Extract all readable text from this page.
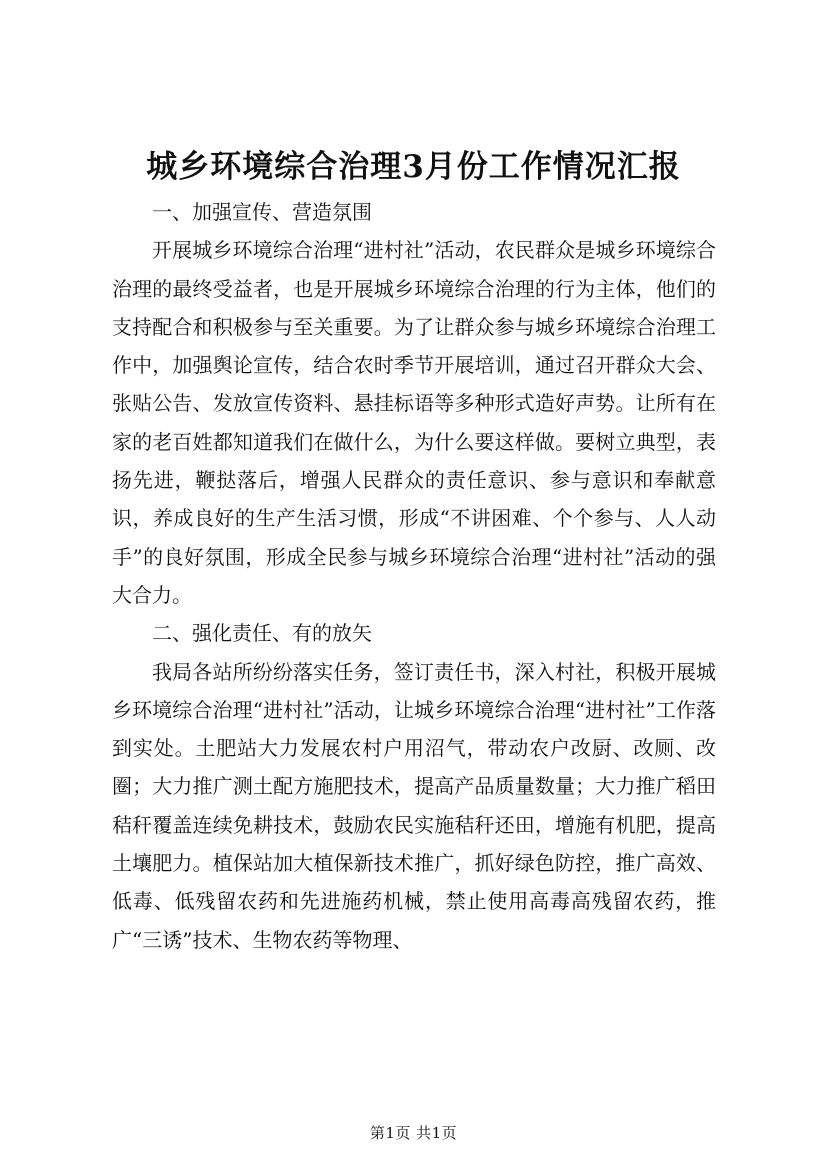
城乡环境综合治理3月份工作情况汇报

一、加强宣传、营造氛围

开展城乡环境综合治理“进村社”活动，农民群众是城乡环境综合治理的最终受益者，也是开展城乡环境综合治理的行为主体，他们的支持配合和积极参与至关重要。为了让群众参与城乡环境综合治理工作中，加强舆论宣传，结合农时季节开展培训，通过召开群众大会、张贴公告、发放宣传资料、悬挂标语等多种形式造好声势。让所有在家的老百姓都知道我们在做什么，为什么要这样做。要树立典型，表扬先进，鞭挞落后，增强人民群众的责任意识、参与意识和奉献意识，养成良好的生产生活习惯，形成“不讲困难、个个参与、人人动手”的良好氛围，形成全民参与城乡环境综合治理“进村社”活动的强大合力。

二、强化责任、有的放矢

我局各站所纷纷落实任务，签订责任书，深入村社，积极开展城乡环境综合治理“进村社”活动，让城乡环境综合治理“进村社”工作落到实处。土肥站大力发展农村户用沼气，带动农户改厨、改厕、改圈；大力推广测土配方施肥技术，提高产品质量数量；大力推广稻田秸秆覆盖连续免耕技术，鼓励农民实施秸秆还田，增施有机肥，提高土壤肥力。植保站加大植保新技术推广，抓好绿色防控，推广高效、低毒、低残留农药和先进施药机械，禁止使用高毒高残留农药，推广“三诱”技术、生物农药等物理、

第1页 共1页
